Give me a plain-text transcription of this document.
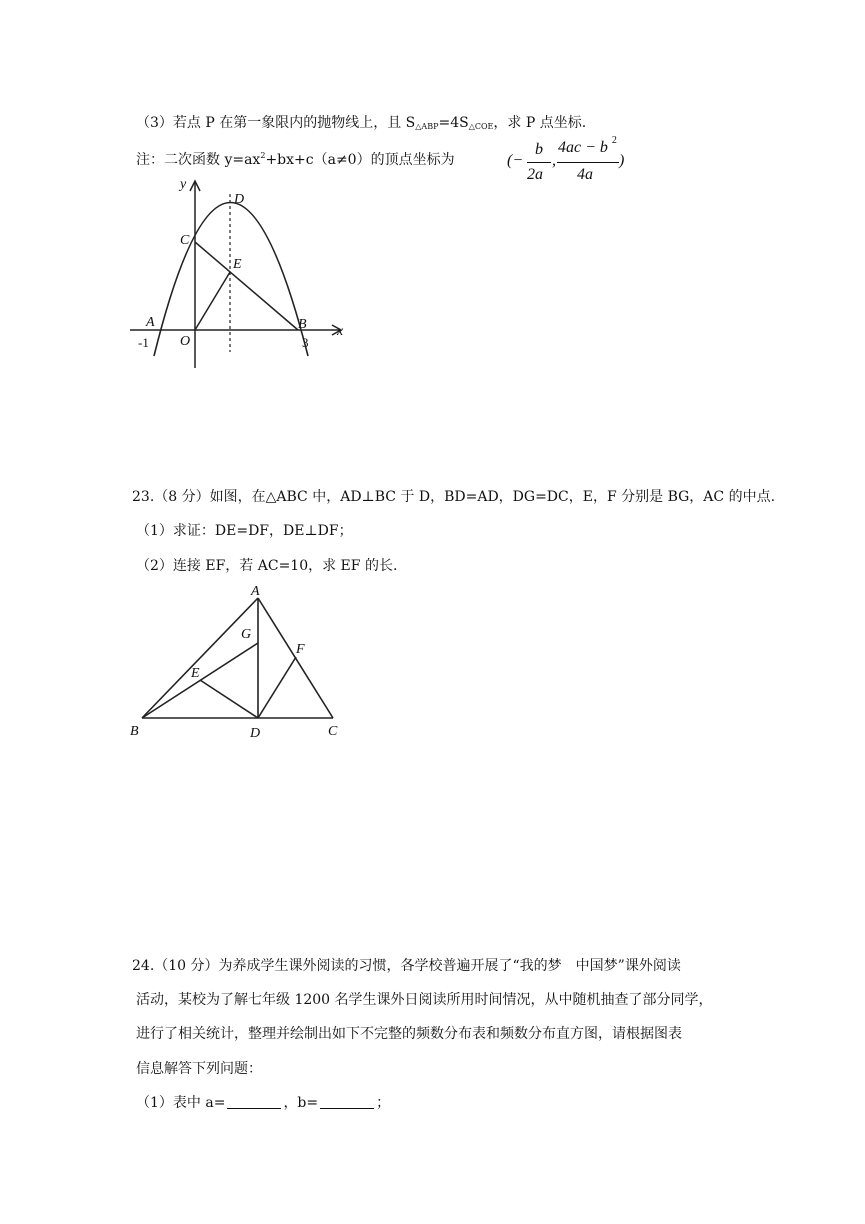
（3）若点 P 在第一象限内的抛物线上，且 $S_{\triangle ABP}=4S_{\triangle COE}$，求 P 点坐标.
注：二次函数 $y=ax^2+bx+c(a\ne 0)$的顶点坐标为	(−
b
2a
,
4ac − b $^2$
4a
)
y
x
D
C
E
A
O
B
-1	3
23.（8 分）如图，在△ABC 中，AD⊥BC 于 D，BD=AD，DG=DC，E，F 分别是 BG，AC 的中点.
（1）求证：DE=DF，DE⊥DF；
（2）连接 EF，若 AC=10，求 EF 的长.
A
G
F
E
B	D	C
24.（10 分）为养成学生课外阅读的习惯，各学校普遍开展了“我的梦　中国梦”课外阅读
活动，某校为了解七年级 1200 名学生课外日阅读所用时间情况，从中随机抽查了部分同学，
进行了相关统计，整理并绘制出如下不完整的频数分布表和频数分布直方图，请根据图表
信息解答下列问题：
（1）表中 a=	，b=	；
